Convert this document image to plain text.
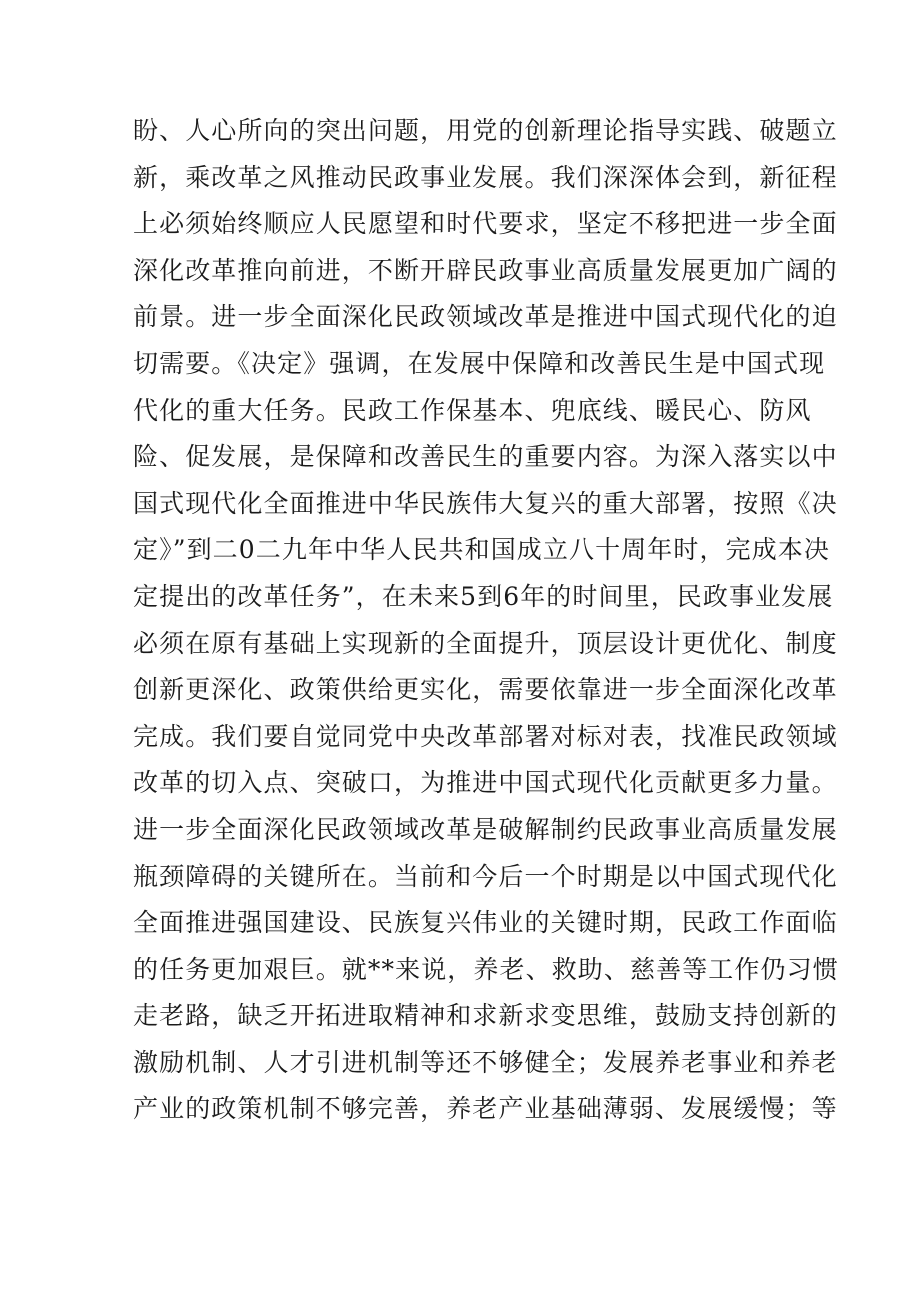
盼、人心所向的突出问题，用党的创新理论指导实践、破题立
新，乘改革之风推动民政事业发展。我们深深体会到，新征程
上必须始终顺应人民愿望和时代要求，坚定不移把进一步全面
深化改革推向前进，不断开辟民政事业高质量发展更加广阔的
前景。进一步全面深化民政领域改革是推进中国式现代化的迫
切需要。《决定》强调，在发展中保障和改善民生是中国式现
代化的重大任务。民政工作保基本、兜底线、暖民心、防风
险、促发展，是保障和改善民生的重要内容。为深入落实以中
国式现代化全面推进中华民族伟大复兴的重大部署，按照《决
定》”到二0二九年中华人民共和国成立八十周年时，完成本决
定提出的改革任务”，在未来5到6年的时间里，民政事业发展
必须在原有基础上实现新的全面提升，顶层设计更优化、制度
创新更深化、政策供给更实化，需要依靠进一步全面深化改革
完成。我们要自觉同党中央改革部署对标对表，找准民政领域
改革的切入点、突破口，为推进中国式现代化贡献更多力量。
进一步全面深化民政领域改革是破解制约民政事业高质量发展
瓶颈障碍的关键所在。当前和今后一个时期是以中国式现代化
全面推进强国建设、民族复兴伟业的关键时期，民政工作面临
的任务更加艰巨。就**来说，养老、救助、慈善等工作仍习惯
走老路，缺乏开拓进取精神和求新求变思维，鼓励支持创新的
激励机制、人才引进机制等还不够健全；发展养老事业和养老
产业的政策机制不够完善，养老产业基础薄弱、发展缓慢；等
